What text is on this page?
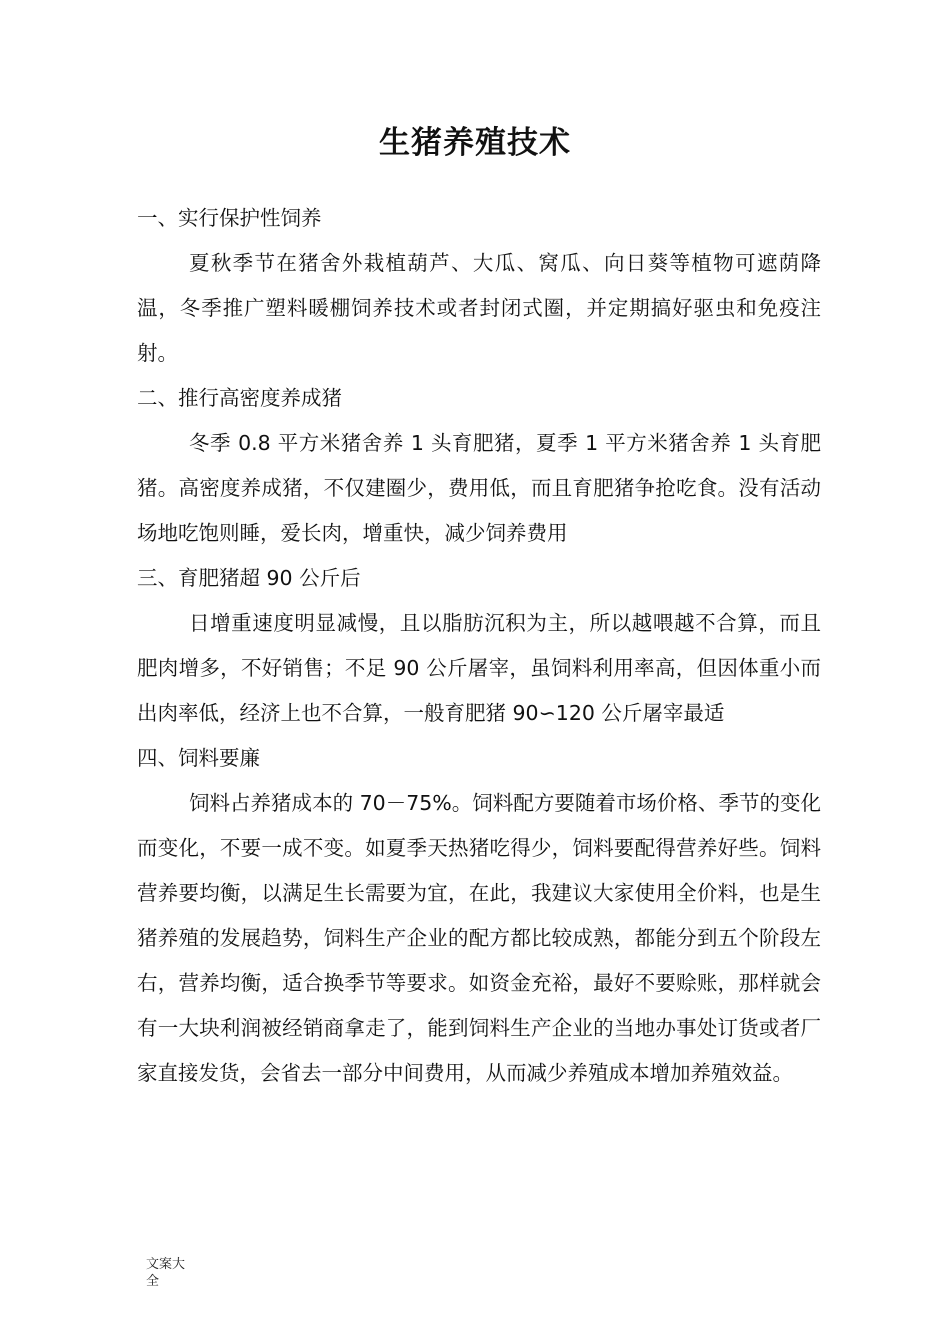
生猪养殖技术

一、实行保护性饲养

夏秋季节在猪舍外栽植葫芦、大瓜、窝瓜、向日葵等植物可遮荫降温，冬季推广塑料暖棚饲养技术或者封闭式圈，并定期搞好驱虫和免疫注射。

二、推行高密度养成猪

冬季 0.8 平方米猪舍养 1 头育肥猪，夏季 1 平方米猪舍养 1 头育肥猪。高密度养成猪，不仅建圈少，费用低，而且育肥猪争抢吃食。没有活动场地吃饱则睡，爱长肉，增重快，减少饲养费用

三、育肥猪超 90 公斤后

日增重速度明显减慢，且以脂肪沉积为主，所以越喂越不合算，而且肥肉增多，不好销售；不足 90 公斤屠宰，虽饲料利用率高，但因体重小而出肉率低，经济上也不合算，一般育肥猪 90∽120 公斤屠宰最适

四、饲料要廉

饲料占养猪成本的 70－75%。饲料配方要随着市场价格、季节的变化而变化，不要一成不变。如夏季天热猪吃得少，饲料要配得营养好些。饲料营养要均衡，以满足生长需要为宜，在此，我建议大家使用全价料，也是生猪养殖的发展趋势，饲料生产企业的配方都比较成熟，都能分到五个阶段左右，营养均衡，适合换季节等要求。如资金充裕，最好不要赊账，那样就会有一大块利润被经销商拿走了，能到饲料生产企业的当地办事处订货或者厂家直接发货，会省去一部分中间费用，从而减少养殖成本增加养殖效益。

文案大全
